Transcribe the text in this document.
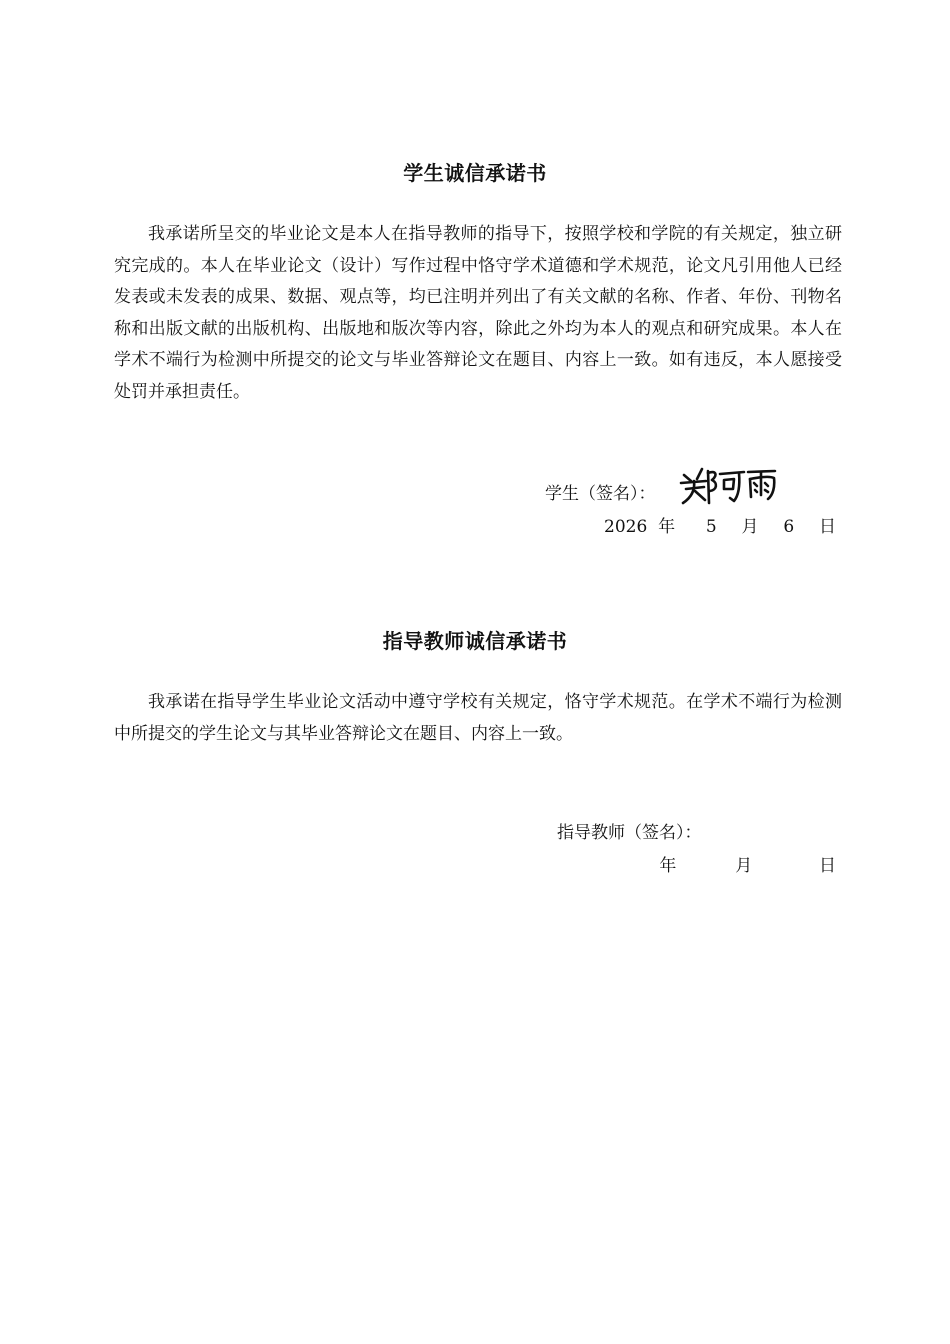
学生诚信承诺书

我承诺所呈交的毕业论文是本人在指导教师的指导下，按照学校和学院的有关规定，独立研究完成的。本人在毕业论文（设计）写作过程中恪守学术道德和学术规范，论文凡引用他人已经发表或未发表的成果、数据、观点等，均已注明并列出了有关文献的名称、作者、年份、刊物名称和出版文献的出版机构、出版地和版次等内容，除此之外均为本人的观点和研究成果。本人在学术不端行为检测中所提交的论文与毕业答辩论文在题目、内容上一致。如有违反，本人愿接受处罚并承担责任。

学生（签名）：
2026 年 5 月 6 日
指导教师诚信承诺书

我承诺在指导学生毕业论文活动中遵守学校有关规定，恪守学术规范。在学术不端行为检测中所提交的学生论文与其毕业答辩论文在题目、内容上一致。

指导教师（签名）：
年	月	日
